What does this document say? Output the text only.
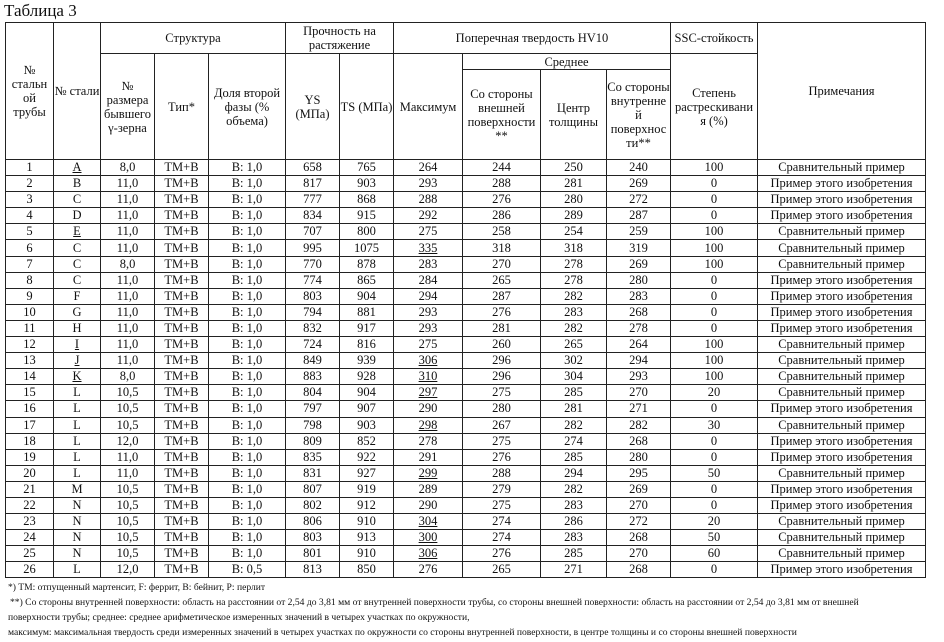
Таблица 3
№ стальн ой трубы	№ стали	Структура			Прочность на растяжение		Поперечная твердость HV10				SSC-стойкость	Примечания
		№ размера бывшего γ-зерна	Тип*	Доля второй фазы (% объема)	YS (МПа)	TS (МПа)	Максимум	Среднее			Степень растрескивани я (%)	
								Со стороны внешней поверхности **	Центр толщины	Со стороны внутренне й поверхнос ти**		
1	A	8,0	TM+B	B: 1,0	658	765	264	244	250	240	100	Сравнительный пример
2	B	11,0	TM+B	B: 1,0	817	903	293	288	281	269	0	Пример этого изобретения
3	C	11,0	TM+B	B: 1,0	777	868	288	276	280	272	0	Пример этого изобретения
4	D	11,0	TM+B	B: 1,0	834	915	292	286	289	287	0	Пример этого изобретения
5	E	11,0	TM+B	B: 1,0	707	800	275	258	254	259	100	Сравнительный пример
6	C	11,0	TM+B	B: 1,0	995	1075	335	318	318	319	100	Сравнительный пример
7	C	8,0	TM+B	B: 1,0	770	878	283	270	278	269	100	Сравнительный пример
8	C	11,0	TM+B	B: 1,0	774	865	284	265	278	280	0	Пример этого изобретения
9	F	11,0	TM+B	B: 1,0	803	904	294	287	282	283	0	Пример этого изобретения
10	G	11,0	TM+B	B: 1,0	794	881	293	276	283	268	0	Пример этого изобретения
11	H	11,0	TM+B	B: 1,0	832	917	293	281	282	278	0	Пример этого изобретения
12	I	11,0	TM+B	B: 1,0	724	816	275	260	265	264	100	Сравнительный пример
13	J	11,0	TM+B	B: 1,0	849	939	306	296	302	294	100	Сравнительный пример
14	K	8,0	TM+B	B: 1,0	883	928	310	296	304	293	100	Сравнительный пример
15	L	10,5	TM+B	B: 1,0	804	904	297	275	285	270	20	Сравнительный пример
16	L	10,5	TM+B	B: 1,0	797	907	290	280	281	271	0	Пример этого изобретения
17	L	10,5	TM+B	B: 1,0	798	903	298	267	282	282	30	Сравнительный пример
18	L	12,0	TM+B	B: 1,0	809	852	278	275	274	268	0	Пример этого изобретения
19	L	11,0	TM+B	B: 1,0	835	922	291	276	285	280	0	Пример этого изобретения
20	L	11,0	TM+B	B: 1,0	831	927	299	288	294	295	50	Сравнительный пример
21	M	10,5	TM+B	B: 1,0	807	919	289	279	282	269	0	Пример этого изобретения
22	N	10,5	TM+B	B: 1,0	802	912	290	275	283	270	0	Пример этого изобретения
23	N	10,5	TM+B	B: 1,0	806	910	304	274	286	272	20	Сравнительный пример
24	N	10,5	TM+B	B: 1,0	803	913	300	274	283	268	50	Сравнительный пример
25	N	10,5	TM+B	B: 1,0	801	910	306	276	285	270	60	Сравнительный пример
26	L	12,0	TM+B	B: 0,5	813	850	276	265	271	268	0	Пример этого изобретения
*) TM: отпущенный мартенсит, F: феррит, B: бейнит, P: перлит
**) Со стороны внутренней поверхности: область на расстоянии от 2,54 до 3,81 мм от внутренней поверхности трубы, со стороны внешней поверхности: область на расстоянии от 2,54 до 3,81 мм от внешней
поверхности трубы; среднее: среднее арифметическое измеренных значений в четырех участках по окружности,
максимум: максимальная твердость среди измеренных значений в четырех участках по окружности со стороны внутренней поверхности, в центре толщины и со стороны внешней поверхности
